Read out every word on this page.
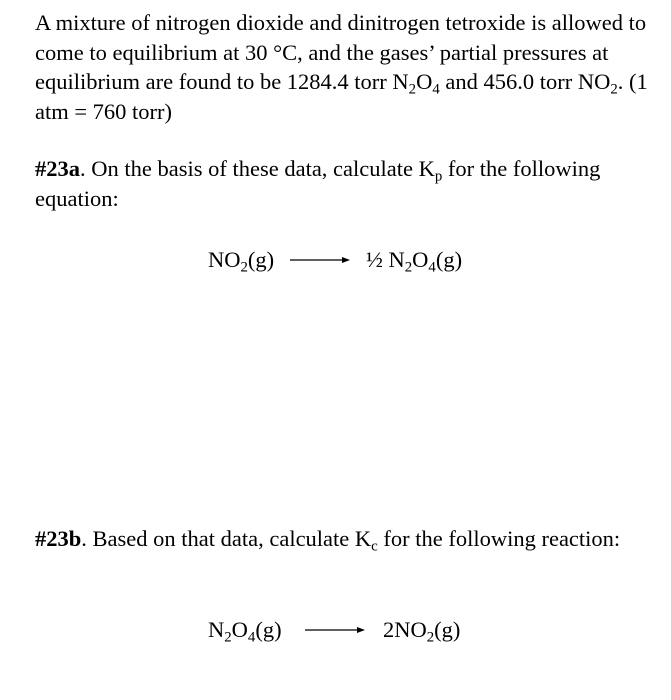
A mixture of nitrogen dioxide and dinitrogen tetroxide is allowed to come to equilibrium at 30 °C, and the gases’ partial pressures at equilibrium are found to be 1284.4 torr $N_2O_4$ and 456.0 torr $NO_2$. (1 atm = 760 torr)

#23a. On the basis of these data, calculate $K_p$ for the following equation:

$NO_2(g)$ → ½ $N_2O_4(g)$

#23b. Based on that data, calculate $K_c$ for the following reaction:

$N_2O_4(g) \to 2NO_2(g)$
